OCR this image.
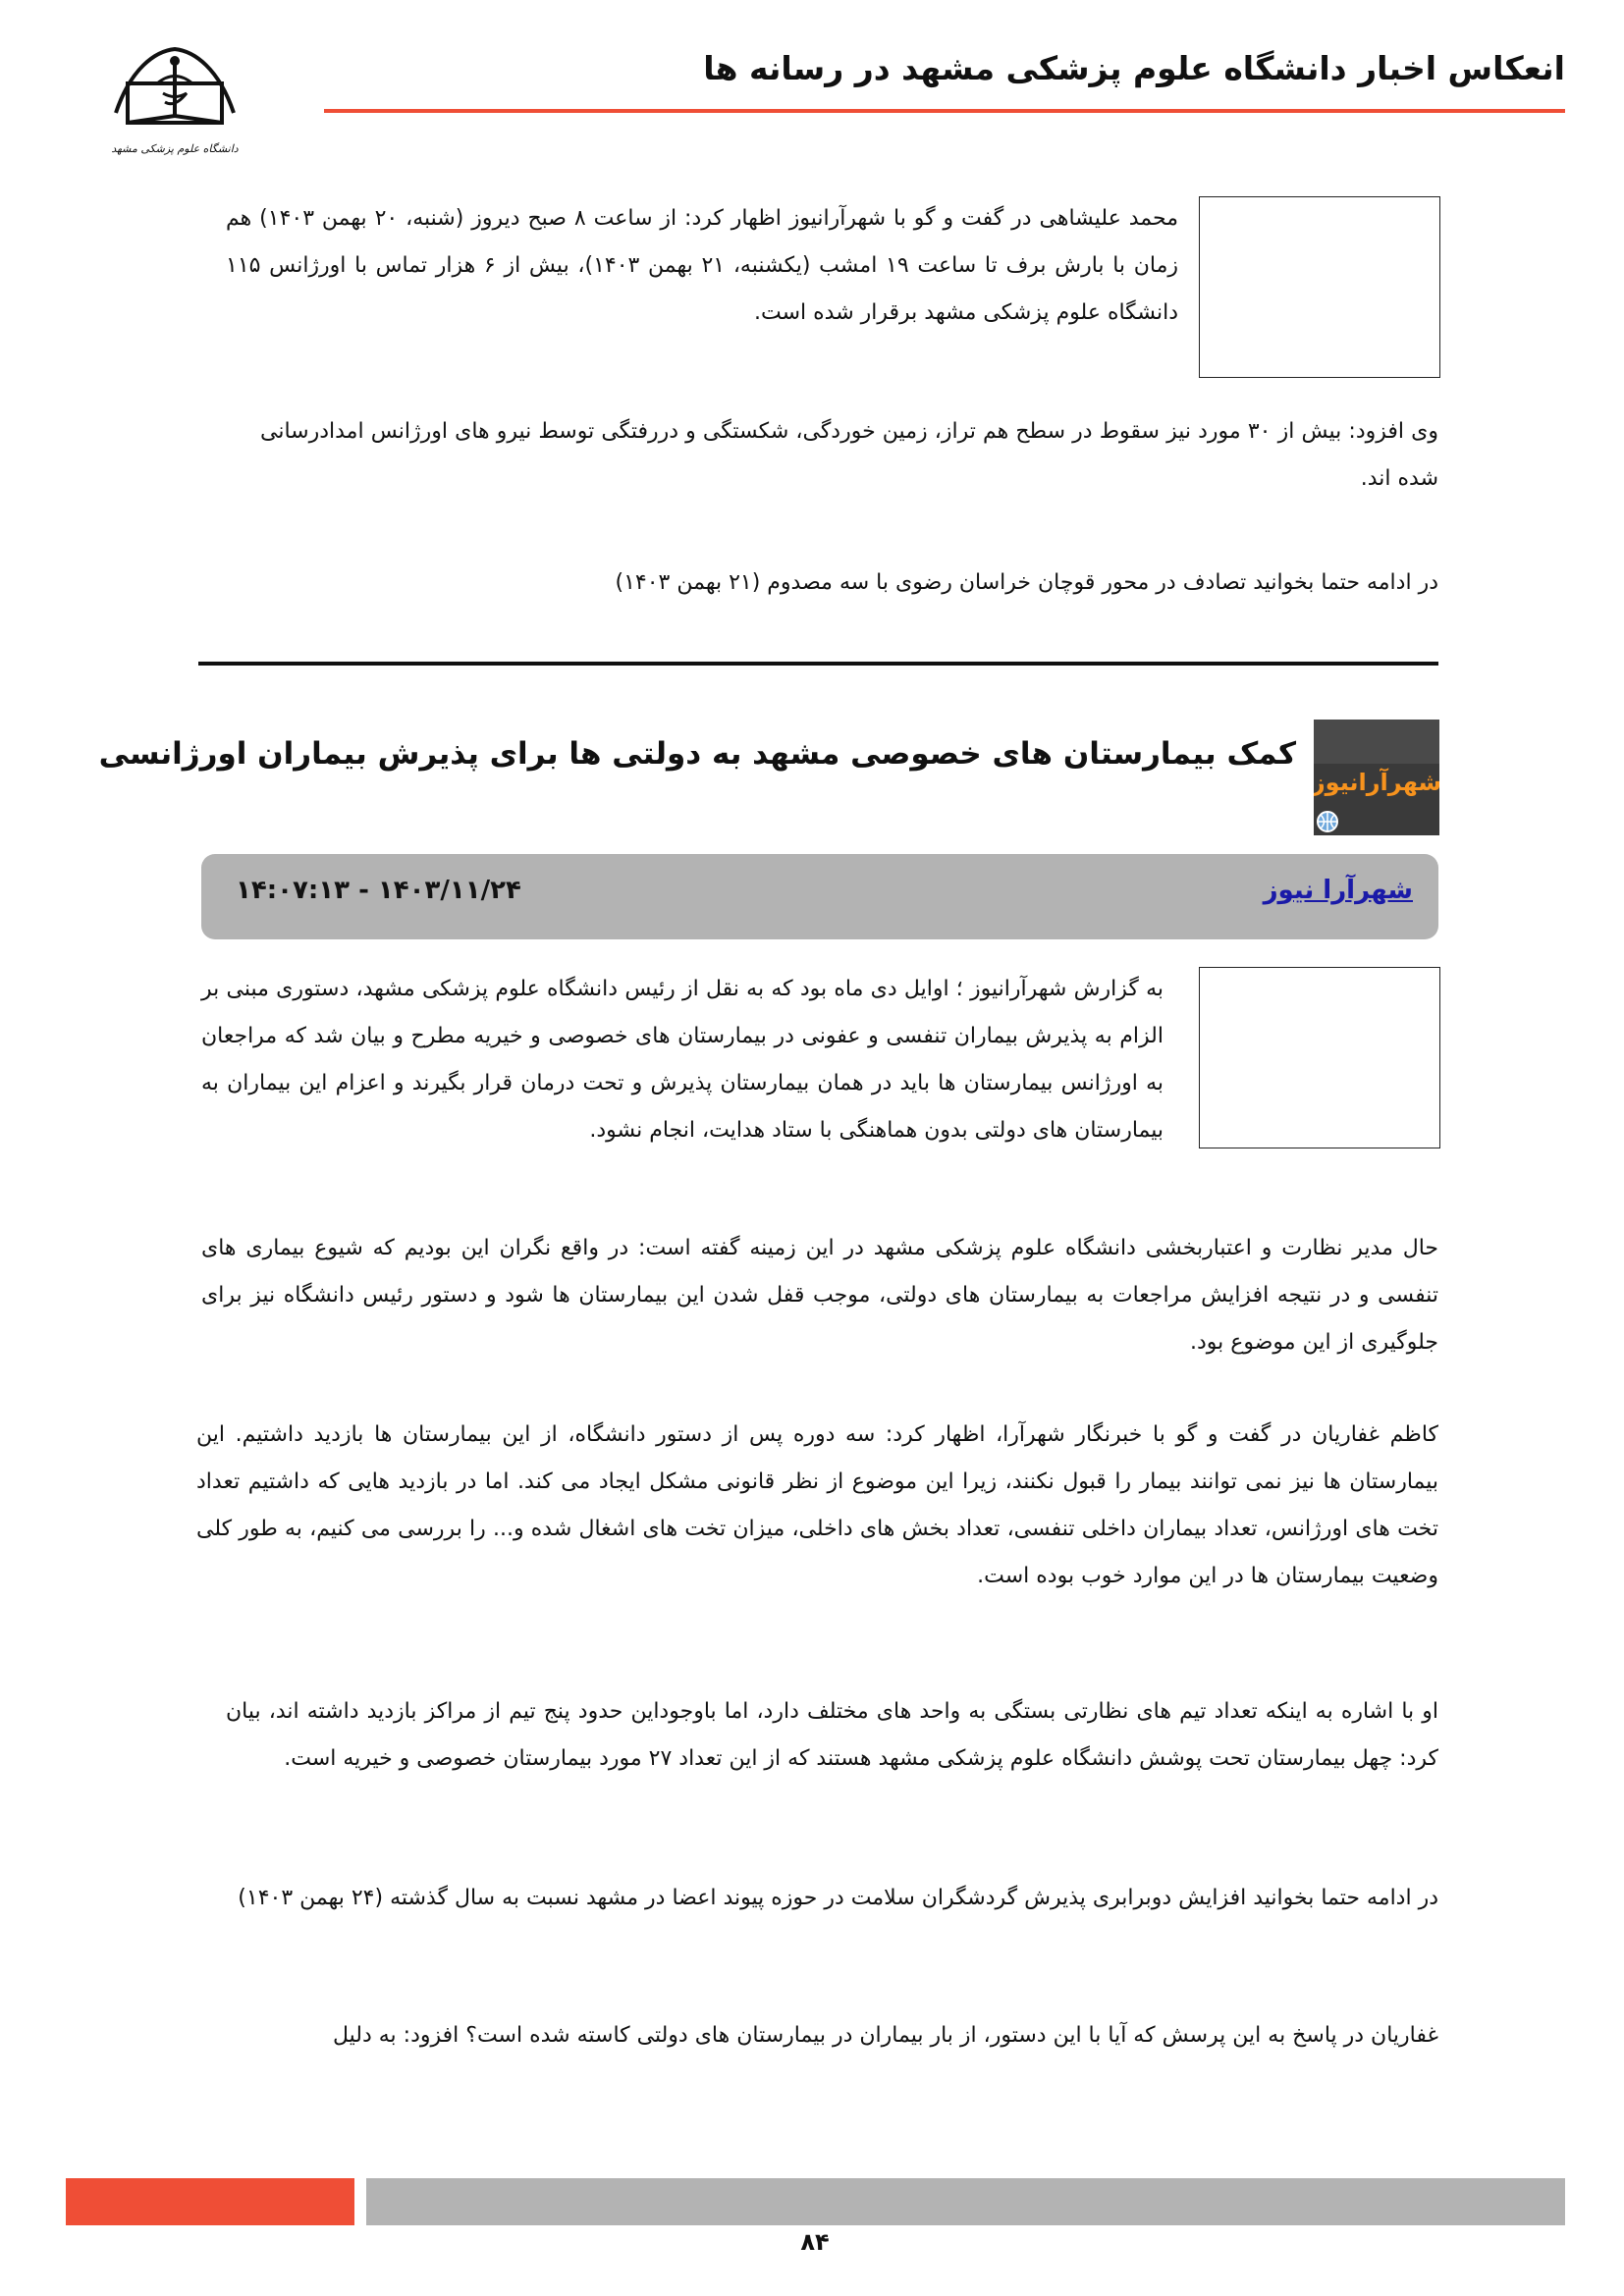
انعکاس اخبار دانشگاه علوم پزشکی مشهد در رسانه ها
دانشگاه علوم پزشکی مشهد
محمد علیشاهی در گفت و گو با شهرآرانیوز اظهار کرد: از ساعت ۸ صبح دیروز (شنبه، ۲۰ بهمن ۱۴۰۳) هم زمان با بارش برف تا ساعت ۱۹ امشب (یکشنبه، ۲۱ بهمن ۱۴۰۳)، بیش از ۶ هزار تماس با اورژانس ۱۱۵ دانشگاه علوم پزشکی مشهد برقرار شده است.
وی افزود: بیش از ۳۰ مورد نیز سقوط در سطح هم تراز، زمین خوردگی، شکستگی و دررفتگی توسط نیرو های اورژانس امدادرسانی شده اند.
در ادامه حتما بخوانید تصادف در محور قوچان خراسان رضوی با سه مصدوم (۲۱ بهمن ۱۴۰۳)
شهرآرانیوز
کمک بیمارستان های خصوصی مشهد به دولتی ها برای پذیرش بیماران اورژانسی
شهرآرا نیوز
۱۴۰۳/۱۱/۲۴ - ۱۴:۰۷:۱۳
به گزارش شهرآرانیوز ؛ اوایل دی ماه بود که به نقل از رئیس دانشگاه علوم پزشکی مشهد، دستوری مبنی بر الزام به پذیرش بیماران تنفسی و عفونی در بیمارستان های خصوصی و خیریه مطرح و بیان شد که مراجعان به اورژانس بیمارستان ها باید در همان بیمارستان پذیرش و تحت درمان قرار بگیرند و اعزام این بیماران به بیمارستان های دولتی بدون هماهنگی با ستاد هدایت، انجام نشود.
حال مدیر نظارت و اعتباربخشی دانشگاه علوم پزشکی مشهد در این زمینه گفته است: در واقع نگران این بودیم که شیوع بیماری های تنفسی و در نتیجه افزایش مراجعات به بیمارستان های دولتی، موجب قفل شدن این بیمارستان ها شود و دستور رئیس دانشگاه نیز برای جلوگیری از این موضوع بود.
کاظم غفاریان در گفت و گو با خبرنگار شهرآرا، اظهار کرد: سه دوره پس از دستور دانشگاه، از این بیمارستان ها بازدید داشتیم. این بیمارستان ها نیز نمی توانند بیمار را قبول نکنند، زیرا این موضوع از نظر قانونی مشکل ایجاد می کند. اما در بازدید هایی که داشتیم تعداد تخت های اورژانس، تعداد بیماران داخلی تنفسی، تعداد بخش های داخلی، میزان تخت های اشغال شده و... را بررسی می کنیم، به طور کلی وضعیت بیمارستان ها در این موارد خوب بوده است.
او با اشاره به اینکه تعداد تیم های نظارتی بستگی به واحد های مختلف دارد، اما باوجوداین حدود پنج تیم از مراکز بازدید داشته اند، بیان کرد: چهل بیمارستان تحت پوشش دانشگاه علوم پزشکی مشهد هستند که از این تعداد ۲۷ مورد بیمارستان خصوصی و خیریه است.
در ادامه حتما بخوانید افزایش دوبرابری پذیرش گردشگران سلامت در حوزه پیوند اعضا در مشهد نسبت به سال گذشته (۲۴ بهمن ۱۴۰۳)
غفاریان در پاسخ به این پرسش که آیا با این دستور، از بار بیماران در بیمارستان های دولتی کاسته شده است؟ افزود: به دلیل
۸۴
